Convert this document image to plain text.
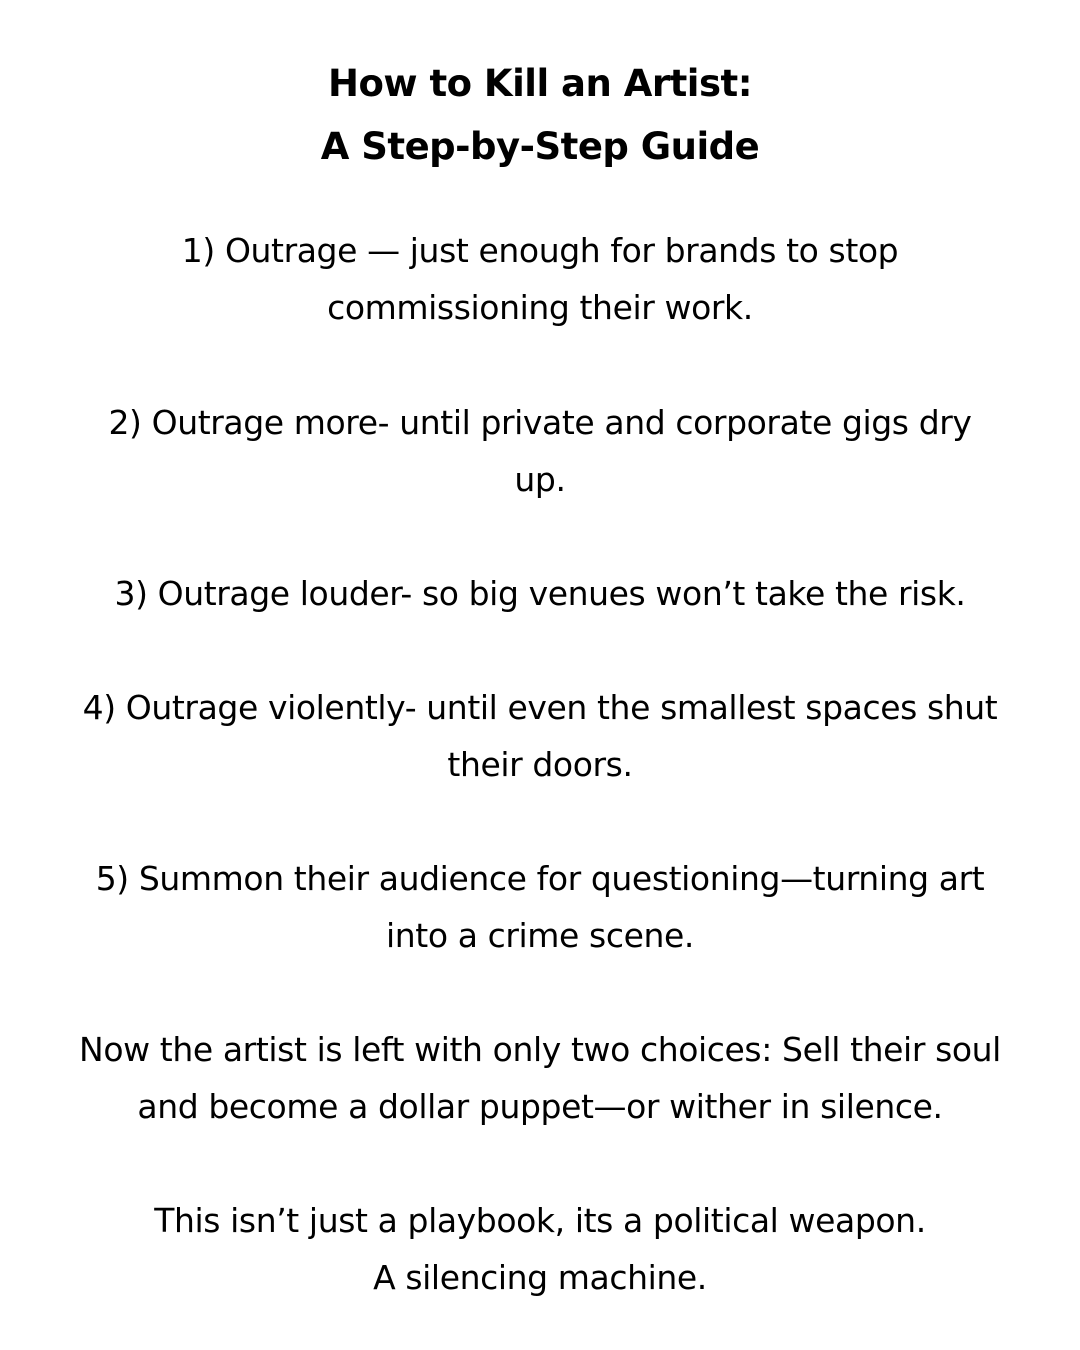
How to Kill an Artist:
A Step-by-Step Guide
1) Outrage — just enough for brands to stop
commissioning their work.
2) Outrage more- until private and corporate gigs dry
up.
3) Outrage louder- so big venues won’t take the risk.
4) Outrage violently- until even the smallest spaces shut
their doors.
5) Summon their audience for questioning—turning art
into a crime scene.
Now the artist is left with only two choices: Sell their soul
and become a dollar puppet—or wither in silence.
This isn’t just a playbook, its a political weapon.
A silencing machine.
